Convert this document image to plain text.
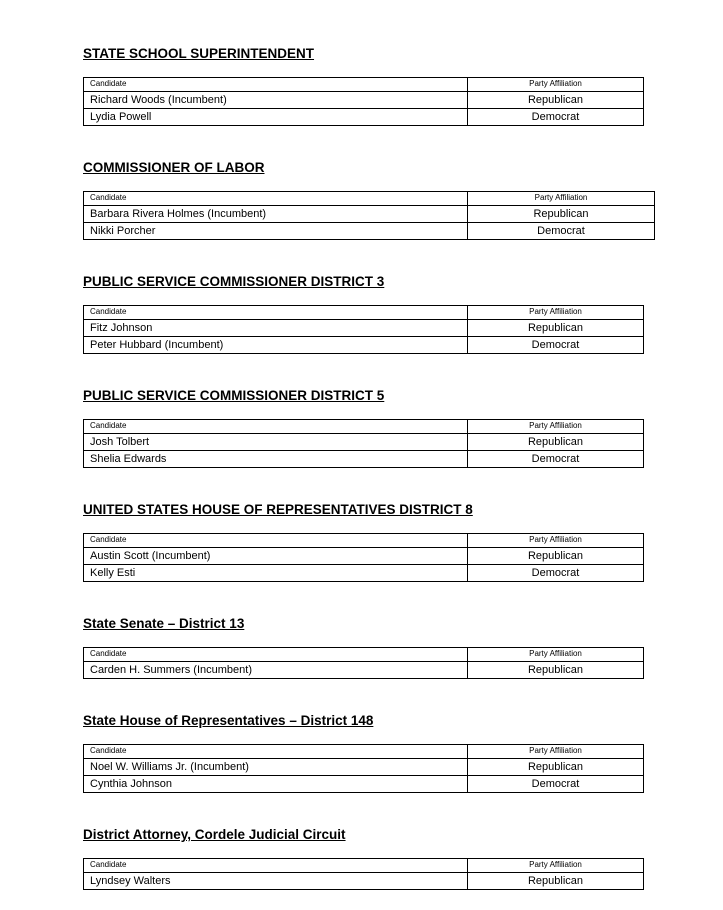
STATE SCHOOL SUPERINTENDENT
Candidate	Party Affiliation
Richard Woods (Incumbent)	Republican
Lydia Powell	Democrat
COMMISSIONER OF LABOR
Candidate	Party Affiliation
Barbara Rivera Holmes (Incumbent)	Republican
Nikki Porcher	Democrat
PUBLIC SERVICE COMMISSIONER DISTRICT 3
Candidate	Party Affiliation
Fitz Johnson	Republican
Peter Hubbard (Incumbent)	Democrat
PUBLIC SERVICE COMMISSIONER DISTRICT 5
Candidate	Party Affiliation
Josh Tolbert	Republican
Shelia Edwards	Democrat
UNITED STATES HOUSE OF REPRESENTATIVES DISTRICT 8
Candidate	Party Affiliation
Austin Scott (Incumbent)	Republican
Kelly Esti	Democrat
State Senate – District 13
Candidate	Party Affiliation
Carden H. Summers (Incumbent)	Republican
State House of Representatives – District 148
Candidate	Party Affiliation
Noel W. Williams Jr. (Incumbent)	Republican
Cynthia Johnson	Democrat
District Attorney, Cordele Judicial Circuit
Candidate	Party Affiliation
Lyndsey Walters	Republican
